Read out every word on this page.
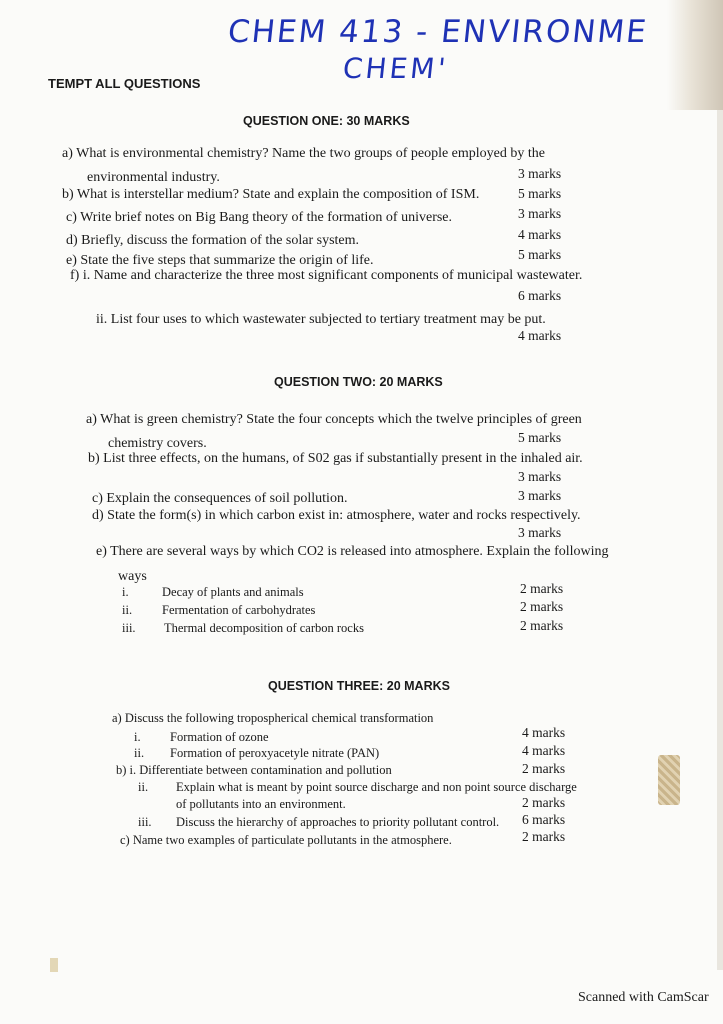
CHEM 413 - ENVIRONME
CHEM'
TEMPT ALL QUESTIONS
QUESTION ONE: 30 MARKS
a) What is environmental chemistry? Name the two groups of people employed by the
environmental industry.	3 marks
b) What is interstellar medium? State and explain the composition of ISM.	5 marks
c) Write brief notes on Big Bang theory of the formation of universe.	3 marks
d) Briefly, discuss the formation of the solar system.	4 marks
e) State the five steps that summarize the origin of life.	5 marks
f) i. Name and characterize the three most significant components of municipal wastewater.
6 marks
ii. List four uses to which wastewater subjected to tertiary treatment may be put.
4 marks
QUESTION TWO: 20 MARKS
a) What is green chemistry? State the four concepts which the twelve principles of green
chemistry covers.	5 marks
b) List three effects, on the humans, of S02 gas if substantially present in the inhaled air.
3 marks
c) Explain the consequences of soil pollution.	3 marks
d) State the form(s) in which carbon exist in: atmosphere, water and rocks respectively.
3 marks
e) There are several ways by which CO2 is released into atmosphere. Explain the following
ways
i.	Decay of plants and animals	2 marks
ii. Fermentation of carbohydrates	2 marks
iii. Thermal decomposition of carbon rocks	2 marks
QUESTION THREE: 20 MARKS
a) Discuss the following tropospherical chemical transformation
i. Formation of ozone	4 marks
ii. Formation of peroxyacetyle nitrate (PAN)	4 marks
b) i. Differentiate between contamination and pollution	2 marks
ii. Explain what is meant by point source discharge and non point source discharge
of pollutants into an environment.	2 marks
iii. Discuss the hierarchy of approaches to priority pollutant control. 6 marks
c) Name two examples of particulate pollutants in the atmosphere.	2 marks
Scanned with CamScar
